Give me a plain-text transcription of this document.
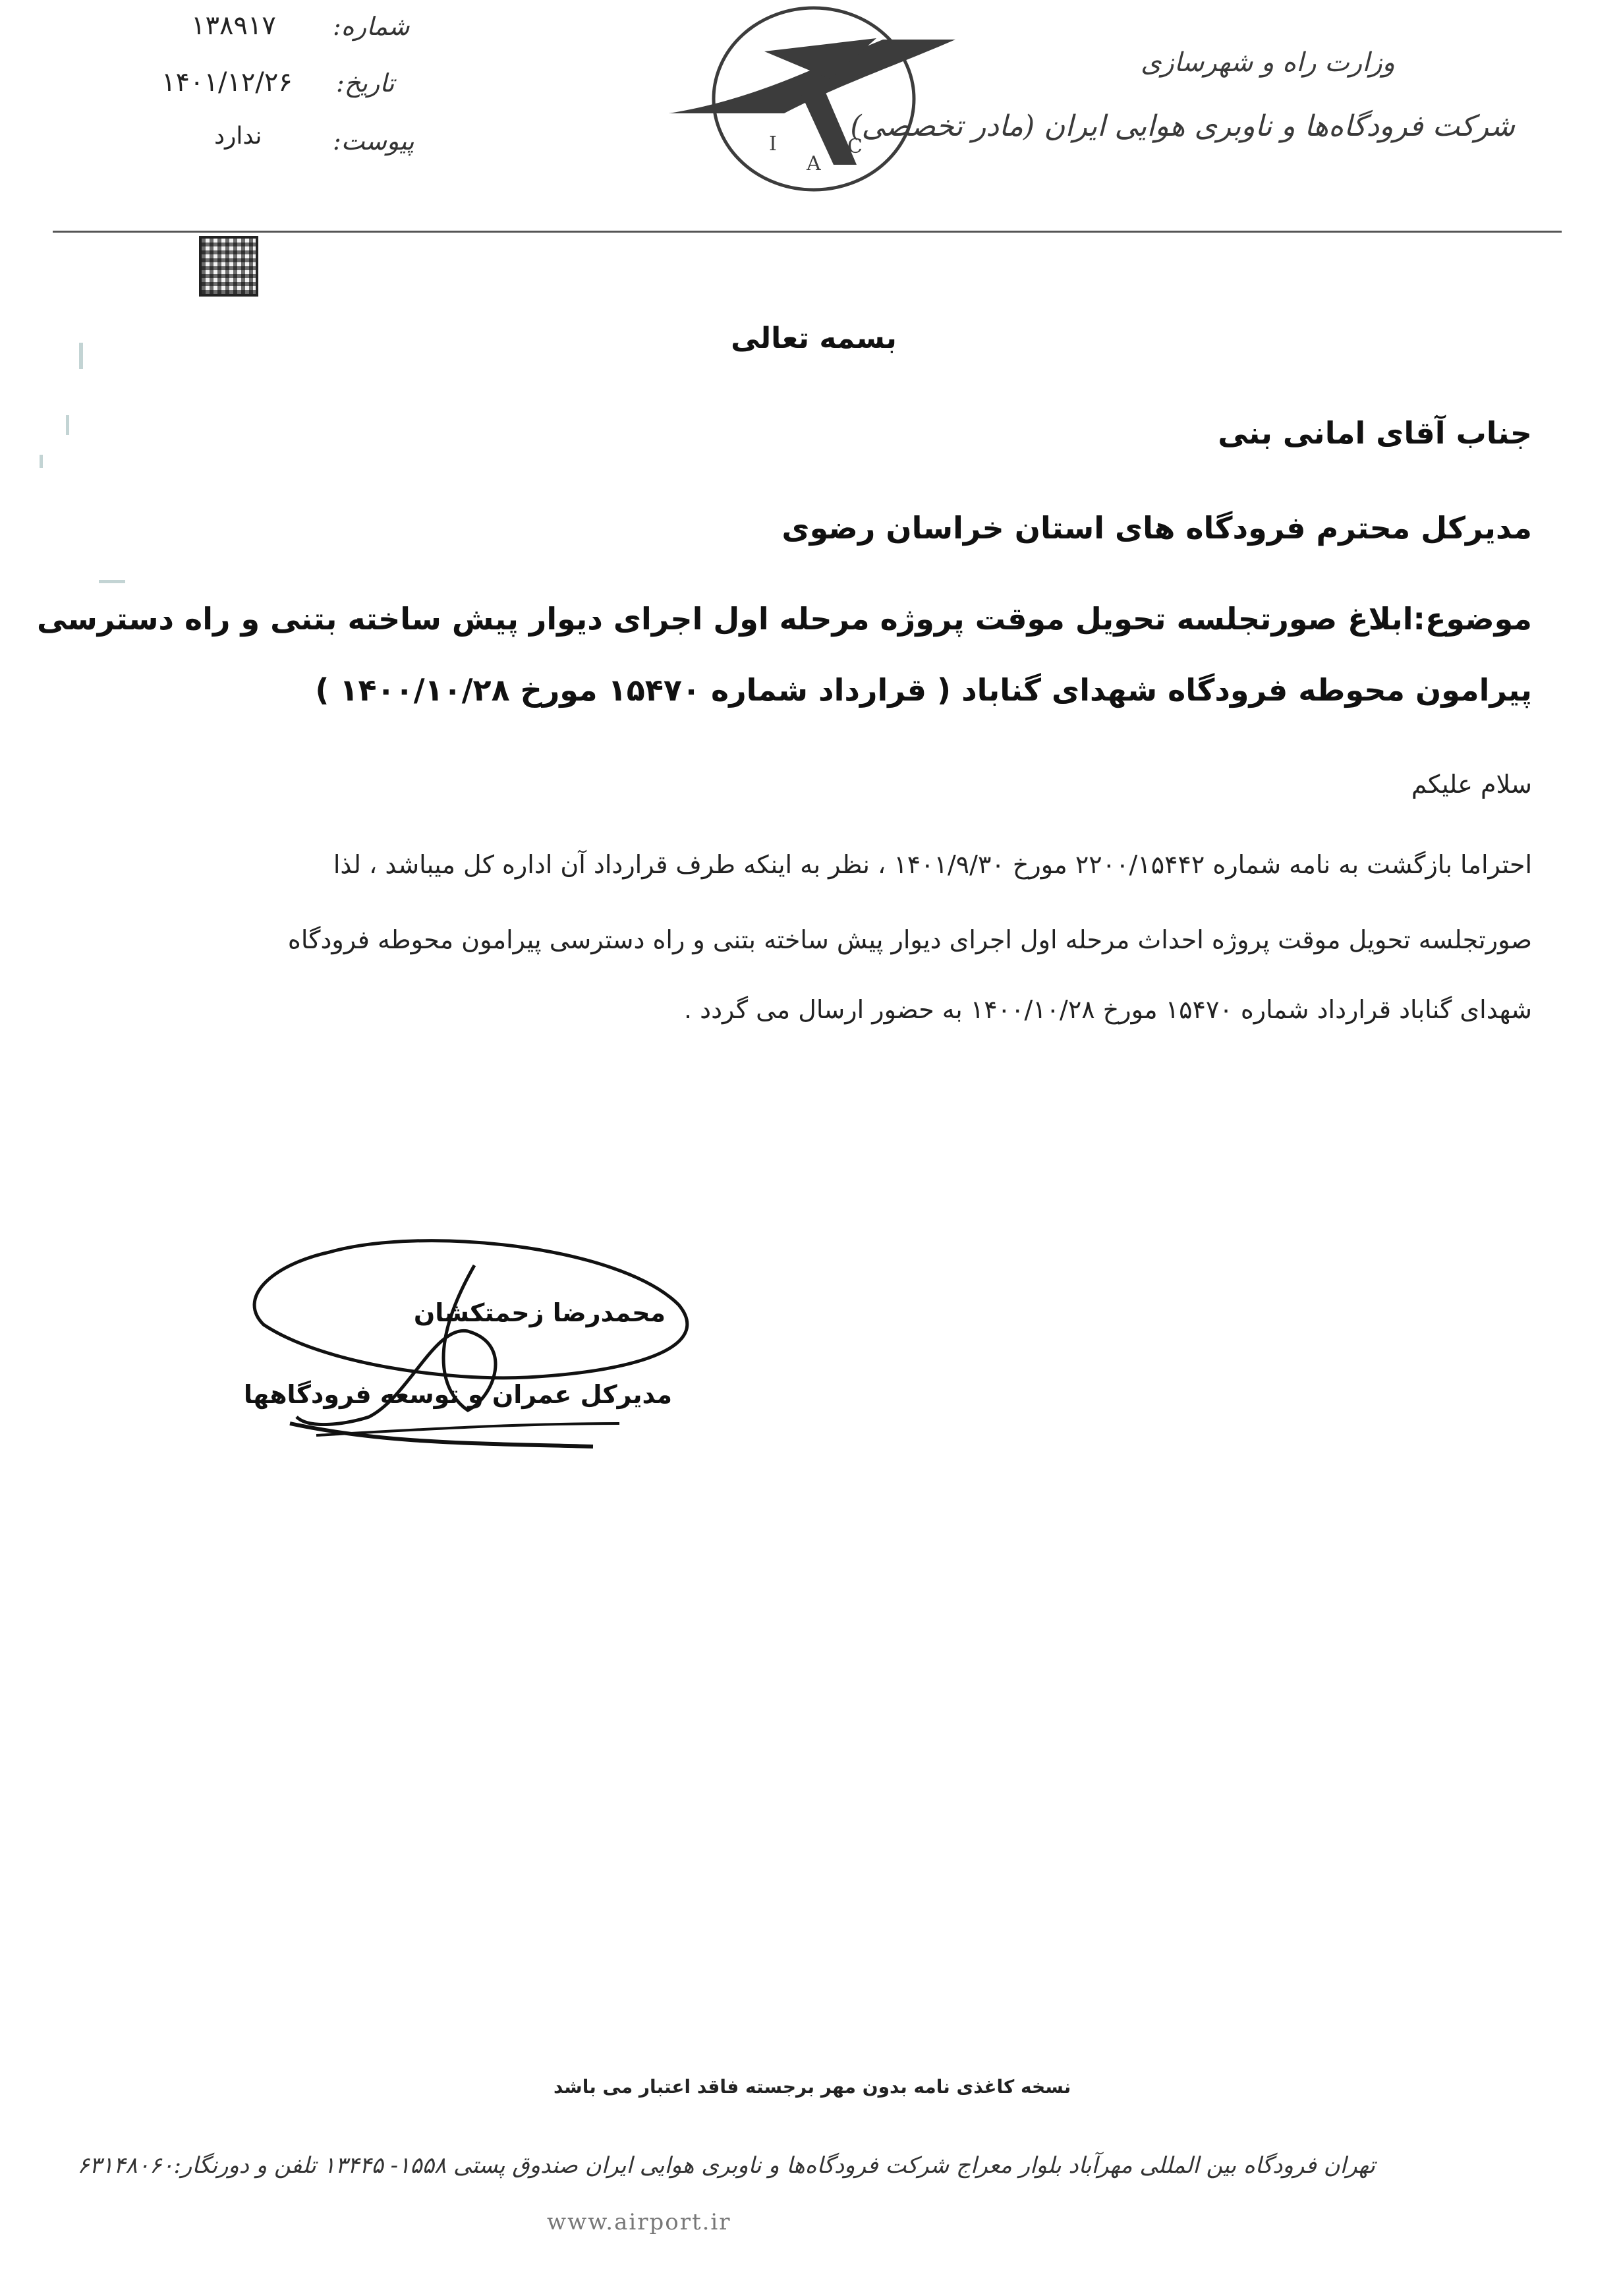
شماره:
۱۳۸۹۱۷
تاریخ:
۱۴۰۱/۱۲/۲۶
پیوست:
ندارد	I
A
C
وزارت راه و شهرسازی
شرکت فرودگاه‌ها و ناوبری هوایی ایران (مادر تخصصی)
بسمه تعالی
جناب آقای امانی بنی
مدیرکل محترم فرودگاه های استان خراسان رضوی
موضوع:ابلاغ صورتجلسه تحویل موقت پروژه مرحله اول اجرای دیوار پیش ساخته بتنی و راه دسترسی
پیرامون محوطه فرودگاه شهدای گناباد ( قرارداد شماره ۱۵۴۷۰ مورخ ۱۴۰۰/۱۰/۲۸ )
سلام علیکم
احتراما بازگشت به نامه شماره ۲۲۰۰/۱۵۴۴۲ مورخ ۱۴۰۱/۹/۳۰ ، نظر به اینکه طرف قرارداد آن اداره کل میباشد ، لذا
صورتجلسه تحویل موقت پروژه احداث مرحله اول اجرای دیوار پیش ساخته بتنی و راه دسترسی پیرامون محوطه فرودگاه
شهدای گناباد قرارداد شماره ۱۵۴۷۰ مورخ ۱۴۰۰/۱۰/۲۸ به حضور ارسال می گردد .
محمدرضا زحمتکشان
مدیرکل عمران و توسعه فرودگاهها
نسخه کاغذی نامه بدون مهر برجسته فاقد اعتبار می باشد
تهران فرودگاه بین المللی مهرآباد بلوار معراج شرکت فرودگاه‌ها و ناوبری هوایی ایران صندوق پستی ۱۵۵۸- ۱۳۴۴۵ تلفن و دورنگار:۶۳۱۴۸۰۶۰
www.airport.ir
